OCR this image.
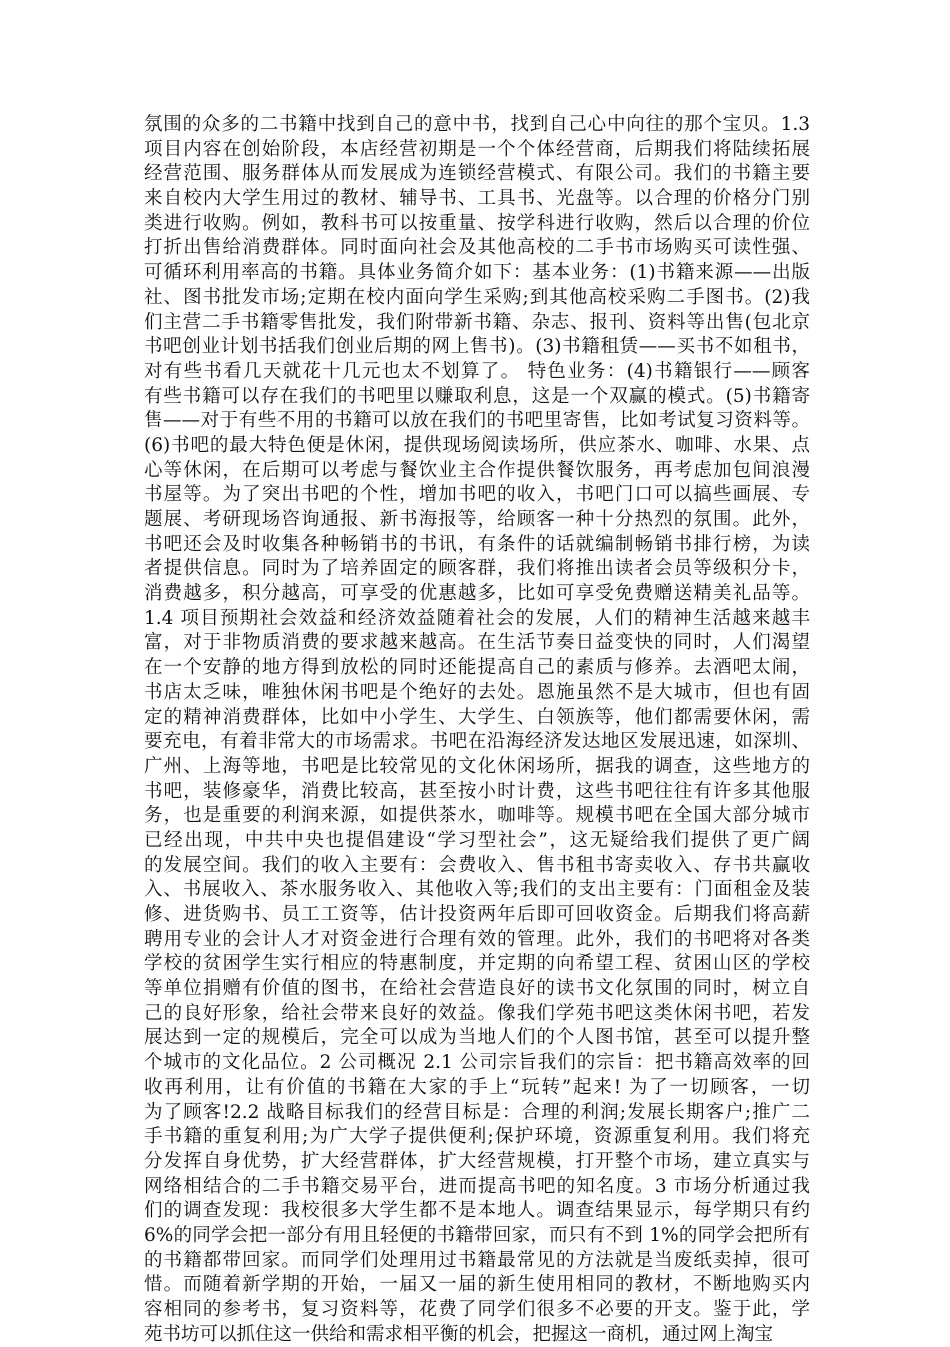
氛围的众多的二书籍中找到自己的意中书，找到自己心中向往的那个宝贝。1.3
项目内容在创始阶段，本店经营初期是一个个体经营商，后期我们将陆续拓展
经营范围、服务群体从而发展成为连锁经营模式、有限公司。我们的书籍主要
来自校内大学生用过的教材、辅导书、工具书、光盘等。以合理的价格分门别
类进行收购。例如，教科书可以按重量、按学科进行收购，然后以合理的价位
打折出售给消费群体。同时面向社会及其他高校的二手书市场购买可读性强、
可循环利用率高的书籍。具体业务简介如下：基本业务：(1)书籍来源——出版
社、图书批发市场;定期在校内面向学生采购;到其他高校采购二手图书。(2)我
们主营二手书籍零售批发，我们附带新书籍、杂志、报刊、资料等出售(包北京
书吧创业计划书括我们创业后期的网上售书)。(3)书籍租赁——买书不如租书，
对有些书看几天就花十几元也太不划算了。 特色业务：(4)书籍银行——顾客
有些书籍可以存在我们的书吧里以赚取利息，这是一个双赢的模式。(5)书籍寄
售——对于有些不用的书籍可以放在我们的书吧里寄售，比如考试复习资料等。
(6)书吧的最大特色便是休闲，提供现场阅读场所，供应茶水、咖啡、水果、点
心等休闲，在后期可以考虑与餐饮业主合作提供餐饮服务，再考虑加包间浪漫
书屋等。为了突出书吧的个性，增加书吧的收入，书吧门口可以搞些画展、专
题展、考研现场咨询通报、新书海报等，给顾客一种十分热烈的氛围。此外，
书吧还会及时收集各种畅销书的书讯，有条件的话就编制畅销书排行榜，为读
者提供信息。同时为了培养固定的顾客群，我们将推出读者会员等级积分卡，
消费越多，积分越高，可享受的优惠越多，比如可享受免费赠送精美礼品等。
1.4 项目预期社会效益和经济效益随着社会的发展，人们的精神生活越来越丰
富，对于非物质消费的要求越来越高。在生活节奏日益变快的同时，人们渴望
在一个安静的地方得到放松的同时还能提高自己的素质与修养。去酒吧太闹，
书店太乏味，唯独休闲书吧是个绝好的去处。恩施虽然不是大城市，但也有固
定的精神消费群体，比如中小学生、大学生、白领族等，他们都需要休闲，需
要充电，有着非常大的市场需求。书吧在沿海经济发达地区发展迅速，如深圳、
广州、上海等地，书吧是比较常见的文化休闲场所，据我的调查，这些地方的
书吧，装修豪华，消费比较高，甚至按小时计费，这些书吧往往有许多其他服
务，也是重要的利润来源，如提供茶水，咖啡等。规模书吧在全国大部分城市
已经出现，中共中央也提倡建设“学习型社会”，这无疑给我们提供了更广阔
的发展空间。我们的收入主要有：会费收入、售书租书寄卖收入、存书共赢收
入、书展收入、茶水服务收入、其他收入等;我们的支出主要有：门面租金及装
修、进货购书、员工工资等，估计投资两年后即可回收资金。后期我们将高薪
聘用专业的会计人才对资金进行合理有效的管理。此外，我们的书吧将对各类
学校的贫困学生实行相应的特惠制度，并定期的向希望工程、贫困山区的学校
等单位捐赠有价值的图书，在给社会营造良好的读书文化氛围的同时，树立自
己的良好形象，给社会带来良好的效益。像我们学苑书吧这类休闲书吧，若发
展达到一定的规模后，完全可以成为当地人们的个人图书馆，甚至可以提升整
个城市的文化品位。2 公司概况 2.1 公司宗旨我们的宗旨：把书籍高效率的回
收再利用，让有价值的书籍在大家的手上“玩转”起来! 为了一切顾客，一切
为了顾客!2.2 战略目标我们的经营目标是：合理的利润;发展长期客户;推广二
手书籍的重复利用;为广大学子提供便利;保护环境，资源重复利用。我们将充
分发挥自身优势，扩大经营群体，扩大经营规模，打开整个市场，建立真实与
网络相结合的二手书籍交易平台，进而提高书吧的知名度。3 市场分析通过我
们的调查发现：我校很多大学生都不是本地人。调查结果显示，每学期只有约
6%的同学会把一部分有用且轻便的书籍带回家，而只有不到 1%的同学会把所有
的书籍都带回家。而同学们处理用过书籍最常见的方法就是当废纸卖掉，很可
惜。而随着新学期的开始，一届又一届的新生使用相同的教材，不断地购买内
容相同的参考书，复习资料等，花费了同学们很多不必要的开支。鉴于此，学
苑书坊可以抓住这一供给和需求相平衡的机会，把握这一商机，通过网上淘宝
